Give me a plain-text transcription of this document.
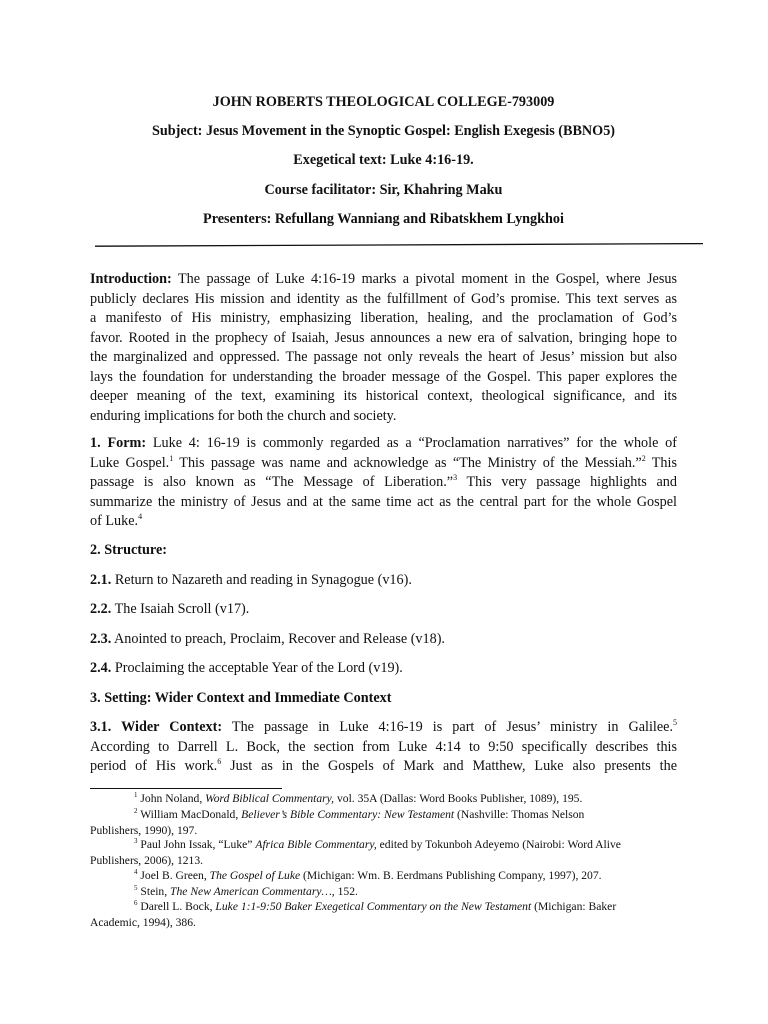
JOHN ROBERTS THEOLOGICAL COLLEGE-793009
Subject: Jesus Movement in the Synoptic Gospel: English Exegesis (BBNO5)
Exegetical text: Luke 4:16-19.
Course facilitator: Sir, Khahring Maku
Presenters: Refullang Wanniang and Ribatskhem Lyngkhoi
Introduction: The passage of Luke 4:16-19 marks a pivotal moment in the Gospel, where Jesus
publicly declares His mission and identity as the fulfillment of God’s promise. This text serves as
a manifesto of His ministry, emphasizing liberation, healing, and the proclamation of God’s
favor. Rooted in the prophecy of Isaiah, Jesus announces a new era of salvation, bringing hope to
the marginalized and oppressed. The passage not only reveals the heart of Jesus’ mission but also
lays the foundation for understanding the broader message of the Gospel. This paper explores the
deeper meaning of the text, examining its historical context, theological significance, and its
enduring implications for both the church and society.
1. Form: Luke 4: 16-19 is commonly regarded as a “Proclamation narratives” for the whole of
Luke Gospel.$^1$ This passage was name and acknowledge as “The Ministry of the Messiah.”$^2$ This
passage is also known as “The Message of Liberation.”$^3$ This very passage highlights and
summarize the ministry of Jesus and at the same time act as the central part for the whole Gospel
of Luke.$^4$
2. Structure:
2.1. Return to Nazareth and reading in Synagogue (v16).
2.2. The Isaiah Scroll (v17).
2.3. Anointed to preach, Proclaim, Recover and Release (v18).
2.4. Proclaiming the acceptable Year of the Lord (v19).
3. Setting: Wider Context and Immediate Context
3.1. Wider Context: The passage in Luke 4:16-19 is part of Jesus’ ministry in Galilee.$^5$
According to Darrell L. Bock, the section from Luke 4:14 to 9:50 specifically describes this
period of His work.$^6$ Just as in the Gospels of Mark and Matthew, Luke also presents the
$^1$ John Noland, Word Biblical Commentary, vol. 35A (Dallas: Word Books Publisher, 1089), 195.
$^2$ William MacDonald, Believer’s Bible Commentary: New Testament (Nashville: Thomas Nelson
Publishers, 1990), 197.
$^3$ Paul John Issak, “Luke” Africa Bible Commentary, edited by Tokunboh Adeyemo (Nairobi: Word Alive
Publishers, 2006), 1213.
$^4$ Joel B. Green, The Gospel of Luke (Michigan: Wm. B. Eerdmans Publishing Company, 1997), 207.
$^5$ Stein, The New American Commentary…, 152.
$^6$ Darell L. Bock, Luke 1:1-9:50 Baker Exegetical Commentary on the New Testament (Michigan: Baker
Academic, 1994), 386.
